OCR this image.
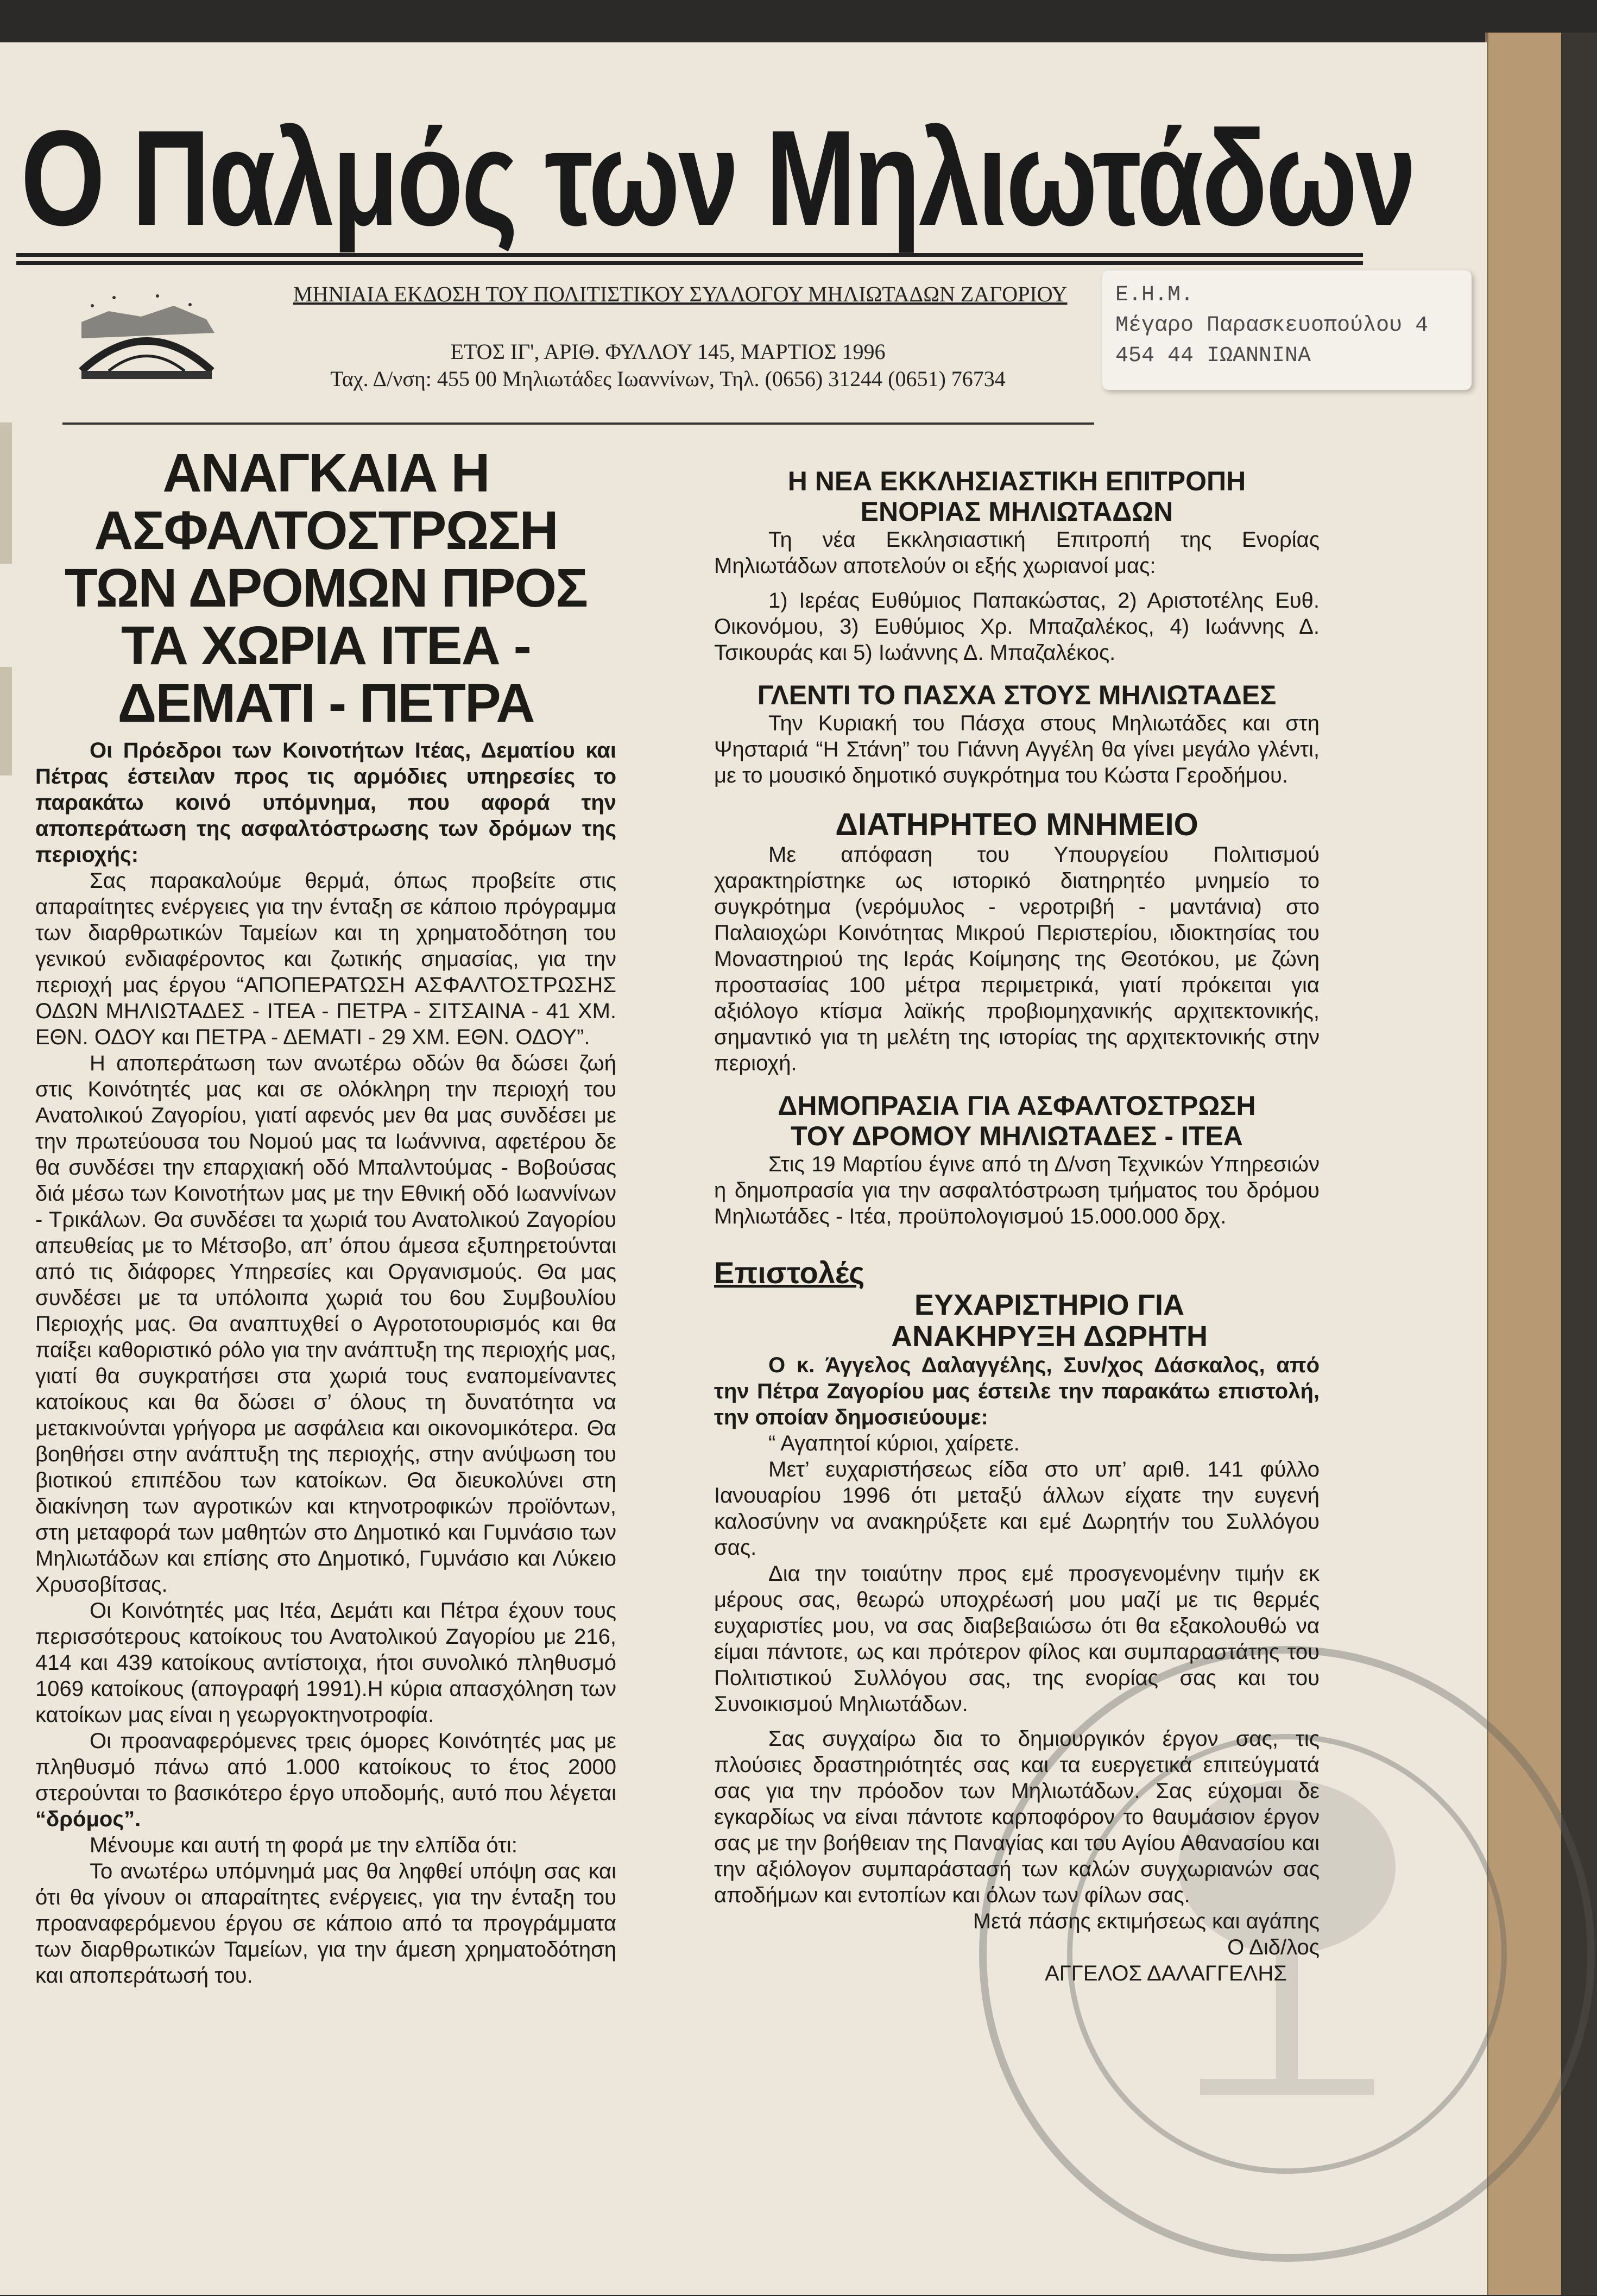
Ο Παλμός των Μηλιωτάδων
ΜΗΝΙΑΙΑ ΕΚΔΟΣΗ ΤΟΥ ΠΟΛΙΤΙΣΤΙΚΟΥ ΣΥΛΛΟΓΟΥ ΜΗΛΙΩΤΑΔΩΝ ΖΑΓΟΡΙΟΥ
ΕΤΟΣ ΙΓ', ΑΡΙΘ. ΦΥΛΛΟΥ 145, ΜΑΡΤΙΟΣ 1996
Ταχ. Δ/νση: 455 00 Μηλιωτάδες Ιωαννίνων, Τηλ. (0656) 31244 (0651) 76734
Ε.Η.Μ.
Μέγαρο Παρασκευοπούλου 4
454 44 ΙΩΑΝΝΙΝΑ
ΑΝΑΓΚΑΙΑ Η
ΑΣΦΑΛΤΟΣΤΡΩΣΗ
ΤΩΝ ΔΡΟΜΩΝ ΠΡΟΣ
ΤΑ ΧΩΡΙΑ ΙΤΕΑ -
ΔΕΜΑΤΙ - ΠΕΤΡΑ

Οι Πρόεδροι των Κοινοτήτων Ιτέας, Δεματίου και Πέτρας έστειλαν προς τις αρμόδιες υπηρεσίες το παρακάτω κοινό υπόμνημα, που αφορά την αποπεράτωση της ασφαλτόστρωσης των δρόμων της περιοχής:

Σας παρακαλούμε θερμά, όπως προβείτε στις απαραίτητες ενέργειες για την ένταξη σε κάποιο πρόγραμμα των διαρθρωτικών Ταμείων και τη χρηματοδότηση του γενικού ενδιαφέροντος και ζωτικής σημασίας, για την περιοχή μας έργου “ΑΠΟΠΕΡΑΤΩΣΗ ΑΣΦΑΛΤΟΣΤΡΩΣΗΣ ΟΔΩΝ ΜΗΛΙΩΤΑΔΕΣ - ΙΤΕΑ - ΠΕΤΡΑ - ΣΙΤΣΑΙΝΑ - 41 ΧΜ. ΕΘΝ. ΟΔΟΥ και ΠΕΤΡΑ - ΔΕΜΑΤΙ - 29 ΧΜ. ΕΘΝ. ΟΔΟΥ”.

Η αποπεράτωση των ανωτέρω οδών θα δώσει ζωή στις Κοινότητές μας και σε ολόκληρη την περιοχή του Ανατολικού Ζαγορίου, γιατί αφενός μεν θα μας συνδέσει με την πρωτεύουσα του Νομού μας τα Ιωάννινα, αφετέρου δε θα συνδέσει την επαρχιακή οδό Μπαλντούμας - Βοβούσας διά μέσω των Κοινοτήτων μας με την Εθνική οδό Ιωαννίνων - Τρικάλων. Θα συνδέσει τα χωριά του Ανατολικού Ζαγορίου απευθείας με το Μέτσοβο, απ’ όπου άμεσα εξυπηρετούνται από τις διάφορες Υπηρεσίες και Οργανισμούς. Θα μας συνδέσει με τα υπόλοιπα χωριά του 6ου Συμβουλίου Περιοχής μας. Θα αναπτυχθεί ο Αγροτοτουρισμός και θα παίξει καθοριστικό ρόλο για την ανάπτυξη της περιοχής μας, γιατί θα συγκρατήσει στα χωριά τους εναπομείναντες κατοίκους και θα δώσει σ’ όλους τη δυνατότητα να μετακινούνται γρήγορα με ασφάλεια και οικονομικότερα. Θα βοηθήσει στην ανάπτυξη της περιοχής, στην ανύψωση του βιοτικού επιπέδου των κατοίκων. Θα διευκολύνει στη διακίνηση των αγροτικών και κτηνοτροφικών προϊόντων, στη μεταφορά των μαθητών στο Δημοτικό και Γυμνάσιο των Μηλιωτάδων και επίσης στο Δημοτικό, Γυμνάσιο και Λύκειο Χρυσοβίτσας.

Οι Κοινότητές μας Ιτέα, Δεμάτι και Πέτρα έχουν τους περισσότερους κατοίκους του Ανατολικού Ζαγορίου με 216, 414 και 439 κατοίκους αντίστοιχα, ήτοι συνολικό πληθυσμό 1069 κατοίκους (απογραφή 1991).Η κύρια απασχόληση των κατοίκων μας είναι η γεωργοκτηνοτροφία.

Οι προαναφερόμενες τρεις όμορες Κοινότητές μας με πληθυσμό πάνω από 1.000 κατοίκους το έτος 2000 στερούνται το βασικότερο έργο υποδομής, αυτό που λέγεται “δρόμος”.

Μένουμε και αυτή τη φορά με την ελπίδα ότι:

Το ανωτέρω υπόμνημά μας θα ληφθεί υπόψη σας και ότι θα γίνουν οι απαραίτητες ενέργειες, για την ένταξη του προαναφερόμενου έργου σε κάποιο από τα προγράμματα των διαρθρωτικών Ταμείων, για την άμεση χρηματοδότηση και αποπεράτωσή του.

Η ΝΕΑ ΕΚΚΛΗΣΙΑΣΤΙΚΗ ΕΠΙΤΡΟΠΗ
ΕΝΟΡΙΑΣ ΜΗΛΙΩΤΑΔΩΝ

Τη νέα Εκκλησιαστική Επιτροπή της Ενορίας Μηλιωτάδων αποτελούν οι εξής χωριανοί μας:

1) Ιερέας Ευθύμιος Παπακώστας, 2) Αριστοτέλης Ευθ. Οικονόμου, 3) Ευθύμιος Χρ. Μπαζαλέκος, 4) Ιωάννης Δ. Τσικουράς και 5) Ιωάννης Δ. Μπαζαλέκος.

ΓΛΕΝΤΙ ΤΟ ΠΑΣΧΑ ΣΤΟΥΣ ΜΗΛΙΩΤΑΔΕΣ

Την Κυριακή του Πάσχα στους Μηλιωτάδες και στη Ψησταριά “Η Στάνη” του Γιάννη Αγγέλη θα γίνει μεγάλο γλέντι, με το μουσικό δημοτικό συγκρότημα του Κώστα Γεροδήμου.

ΔΙΑΤΗΡΗΤΕΟ ΜΝΗΜΕΙΟ

Με απόφαση του Υπουργείου Πολιτισμού χαρακτηρίστηκε ως ιστορικό διατηρητέο μνημείο το συγκρότημα (νερόμυλος - νεροτριβή - μαντάνια) στο Παλαιοχώρι Κοινότητας Μικρού Περιστερίου, ιδιοκτησίας του Μοναστηριού της Ιεράς Κοίμησης της Θεοτόκου, με ζώνη προστασίας 100 μέτρα περιμετρικά, γιατί πρόκειται για αξιόλογο κτίσμα λαϊκής προβιομηχανικής αρχιτεκτονικής, σημαντικό για τη μελέτη της ιστορίας της αρχιτεκτονικής στην περιοχή.

ΔΗΜΟΠΡΑΣΙΑ ΓΙΑ ΑΣΦΑΛΤΟΣΤΡΩΣΗ
ΤΟΥ ΔΡΟΜΟΥ ΜΗΛΙΩΤΑΔΕΣ - ΙΤΕΑ

Στις 19 Μαρτίου έγινε από τη Δ/νση Τεχνικών Υπηρεσιών η δημοπρασία για την ασφαλτόστρωση τμήματος του δρόμου Μηλιωτάδες - Ιτέα, προϋπολογισμού 15.000.000 δρχ.

Επιστολές
ΕΥΧΑΡΙΣΤΗΡΙΟ ΓΙΑ
ΑΝΑΚΗΡΥΞΗ ΔΩΡΗΤΗ

Ο κ. Άγγελος Δαλαγγέλης, Συν/χος Δάσκαλος, από την Πέτρα Ζαγορίου μας έστειλε την παρακάτω επιστολή, την οποίαν δημοσιεύουμε:

“ Αγαπητοί κύριοι, χαίρετε.

Μετ’ ευχαριστήσεως είδα στο υπ’ αριθ. 141 φύλλο Ιανουαρίου 1996 ότι μεταξύ άλλων είχατε την ευγενή καλοσύνην να ανακηρύξετε και εμέ Δωρητήν του Συλλόγου σας.

Δια την τοιαύτην προς εμέ προσγενομένην τιμήν εκ μέρους σας, θεωρώ υποχρέωσή μου μαζί με τις θερμές ευχαριστίες μου, να σας διαβεβαιώσω ότι θα εξακολουθώ να είμαι πάντοτε, ως και πρότερον φίλος και συμπαραστάτης του Πολιτιστικού Συλλόγου σας, της ενορίας σας και του Συνοικισμού Μηλιωτάδων.

Σας συγχαίρω δια το δημιουργικόν έργον σας, τις πλούσιες δραστηριότητές σας και τα ευεργετικά επιτεύγματά σας για την πρόοδον των Μηλιωτάδων. Σας εύχομαι δε εγκαρδίως να είναι πάντοτε καρποφόρον το θαυμάσιον έργον σας με την βοήθειαν της Παναγίας και του Αγίου Αθανασίου και την αξιόλογον συμπαράστασή των καλών συγχωριανών σας αποδήμων και εντοπίων και όλων των φίλων σας.

Μετά πάσης εκτιμήσεως και αγάπης
Ο Διδ/λος
ΑΓΓΕΛΟΣ ΔΑΛΑΓΓΕΛΗΣ
